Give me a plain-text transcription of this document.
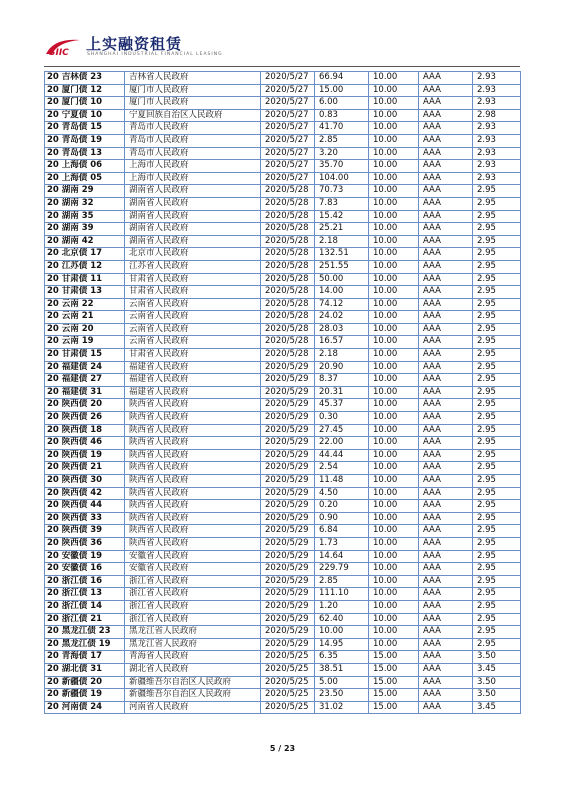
SIIC 上实融资租赁
SHANGHAI INDUSTRIAL FINANCIAL LEASING
20 吉林债 23	吉林省人民政府	2020/5/27	66.94	10.00	AAA	2.93
20 厦门债 12	厦门市人民政府	2020/5/27	15.00	10.00	AAA	2.93
20 厦门债 10	厦门市人民政府	2020/5/27	6.00	10.00	AAA	2.93
20 宁夏债 10	宁夏回族自治区人民政府	2020/5/27	0.83	10.00	AAA	2.98
20 青岛债 15	青岛市人民政府	2020/5/27	41.70	10.00	AAA	2.93
20 青岛债 19	青岛市人民政府	2020/5/27	2.85	10.00	AAA	2.93
20 青岛债 13	青岛市人民政府	2020/5/27	3.20	10.00	AAA	2.93
20 上海债 06	上海市人民政府	2020/5/27	35.70	10.00	AAA	2.93
20 上海债 05	上海市人民政府	2020/5/27	104.00	10.00	AAA	2.93
20 湖南 29	湖南省人民政府	2020/5/28	70.73	10.00	AAA	2.95
20 湖南 32	湖南省人民政府	2020/5/28	7.83	10.00	AAA	2.95
20 湖南 35	湖南省人民政府	2020/5/28	15.42	10.00	AAA	2.95
20 湖南 39	湖南省人民政府	2020/5/28	25.21	10.00	AAA	2.95
20 湖南 42	湖南省人民政府	2020/5/28	2.18	10.00	AAA	2.95
20 北京债 17	北京市人民政府	2020/5/28	132.51	10.00	AAA	2.95
20 江苏债 12	江苏省人民政府	2020/5/28	251.55	10.00	AAA	2.95
20 甘肃债 11	甘肃省人民政府	2020/5/28	50.00	10.00	AAA	2.95
20 甘肃债 13	甘肃省人民政府	2020/5/28	14.00	10.00	AAA	2.95
20 云南 22	云南省人民政府	2020/5/28	74.12	10.00	AAA	2.95
20 云南 21	云南省人民政府	2020/5/28	24.02	10.00	AAA	2.95
20 云南 20	云南省人民政府	2020/5/28	28.03	10.00	AAA	2.95
20 云南 19	云南省人民政府	2020/5/28	16.57	10.00	AAA	2.95
20 甘肃债 15	甘肃省人民政府	2020/5/28	2.18	10.00	AAA	2.95
20 福建债 24	福建省人民政府	2020/5/29	20.90	10.00	AAA	2.95
20 福建债 27	福建省人民政府	2020/5/29	8.37	10.00	AAA	2.95
20 福建债 31	福建省人民政府	2020/5/29	20.31	10.00	AAA	2.95
20 陕西债 20	陕西省人民政府	2020/5/29	45.37	10.00	AAA	2.95
20 陕西债 26	陕西省人民政府	2020/5/29	0.30	10.00	AAA	2.95
20 陕西债 18	陕西省人民政府	2020/5/29	27.45	10.00	AAA	2.95
20 陕西债 46	陕西省人民政府	2020/5/29	22.00	10.00	AAA	2.95
20 陕西债 19	陕西省人民政府	2020/5/29	44.44	10.00	AAA	2.95
20 陕西债 21	陕西省人民政府	2020/5/29	2.54	10.00	AAA	2.95
20 陕西债 30	陕西省人民政府	2020/5/29	11.48	10.00	AAA	2.95
20 陕西债 42	陕西省人民政府	2020/5/29	4.50	10.00	AAA	2.95
20 陕西债 44	陕西省人民政府	2020/5/29	0.20	10.00	AAA	2.95
20 陕西债 33	陕西省人民政府	2020/5/29	0.90	10.00	AAA	2.95
20 陕西债 39	陕西省人民政府	2020/5/29	6.84	10.00	AAA	2.95
20 陕西债 36	陕西省人民政府	2020/5/29	1.73	10.00	AAA	2.95
20 安徽债 19	安徽省人民政府	2020/5/29	14.64	10.00	AAA	2.95
20 安徽债 16	安徽省人民政府	2020/5/29	229.79	10.00	AAA	2.95
20 浙江债 16	浙江省人民政府	2020/5/29	2.85	10.00	AAA	2.95
20 浙江债 13	浙江省人民政府	2020/5/29	111.10	10.00	AAA	2.95
20 浙江债 14	浙江省人民政府	2020/5/29	1.20	10.00	AAA	2.95
20 浙江债 21	浙江省人民政府	2020/5/29	62.40	10.00	AAA	2.95
20 黑龙江债 23	黑龙江省人民政府	2020/5/29	10.00	10.00	AAA	2.95
20 黑龙江债 19	黑龙江省人民政府	2020/5/29	14.95	10.00	AAA	2.95
20 青海债 17	青海省人民政府	2020/5/25	6.35	15.00	AAA	3.50
20 湖北债 31	湖北省人民政府	2020/5/25	38.51	15.00	AAA	3.45
20 新疆债 20	新疆维吾尔自治区人民政府	2020/5/25	5.00	15.00	AAA	3.50
20 新疆债 19	新疆维吾尔自治区人民政府	2020/5/25	23.50	15.00	AAA	3.50
20 河南债 24	河南省人民政府	2020/5/25	31.02	15.00	AAA	3.45
5 / 23
